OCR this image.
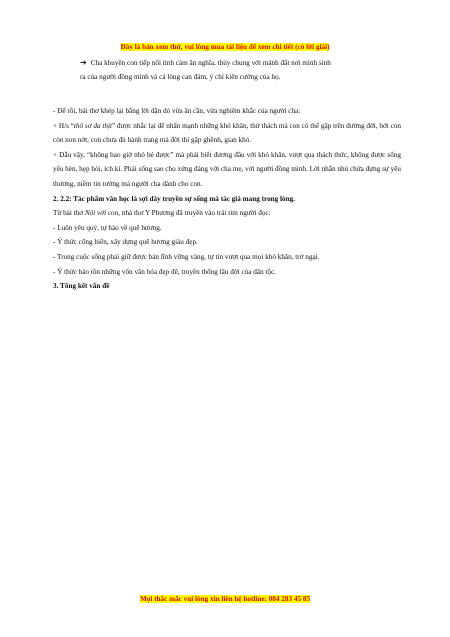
Đây là bản xem thử, vui lòng mua tài liệu để xem chi tiết (có lời giải)
➔ Cha khuyên con tiếp nối tình cảm ân nghĩa, thủy chung với mảnh đất nơi mình sinh
ra của người đồng mình và cả lòng can đảm, ý chí kiên cường của họ.

- Để rồi, bài thơ khép lại bằng lời dặn dò vừa ân cần, vừa nghiêm khắc của người cha:

+ H/s “thô sơ da thịt” được nhắc lại để nhấn mạnh những khó khăn, thử thách mà con có thể gặp trên đường đời, bởi con còn non nớt, con chưa đủ hành trang mà đời thì gập ghềnh, gian khó.

+ Dẫu vậy, “không bao giờ nhỏ bé được” mà phải biết đương đầu với khó khăn, vượt qua thách thức, không được sống yếu hèn, hẹp hòi, ích kỉ. Phải sống sao cho xứng đáng với cha mẹ, với người đồng mình. Lời nhắn nhủ chứa đựng sự yêu thương, niềm tin tưởng mà người cha dành cho con.

2. 2.2: Tác phẩm văn học là sợi dây truyền sự sống mà tác giả mang trong lòng.

Từ bài thơ Nói với con, nhà thơ Y Phương đã truyền vào trái tim người đọc:

- Luôn yêu quý, tự hào về quê hương.

- Ý thức cống hiến, xây dựng quê hương giàu đẹp.

- Trong cuộc sống phải giữ được bản lĩnh vững vàng, tự tin vượt qua mọi khó khăn, trở ngại.

- Ý thức bảo tồn những vốn văn hóa đẹp đẽ, truyền thống lâu đời của dân tộc.

3. Tổng kết vấn đề

Mọi thắc mắc vui lòng xin liên hệ hotline: 084 283 45 85
